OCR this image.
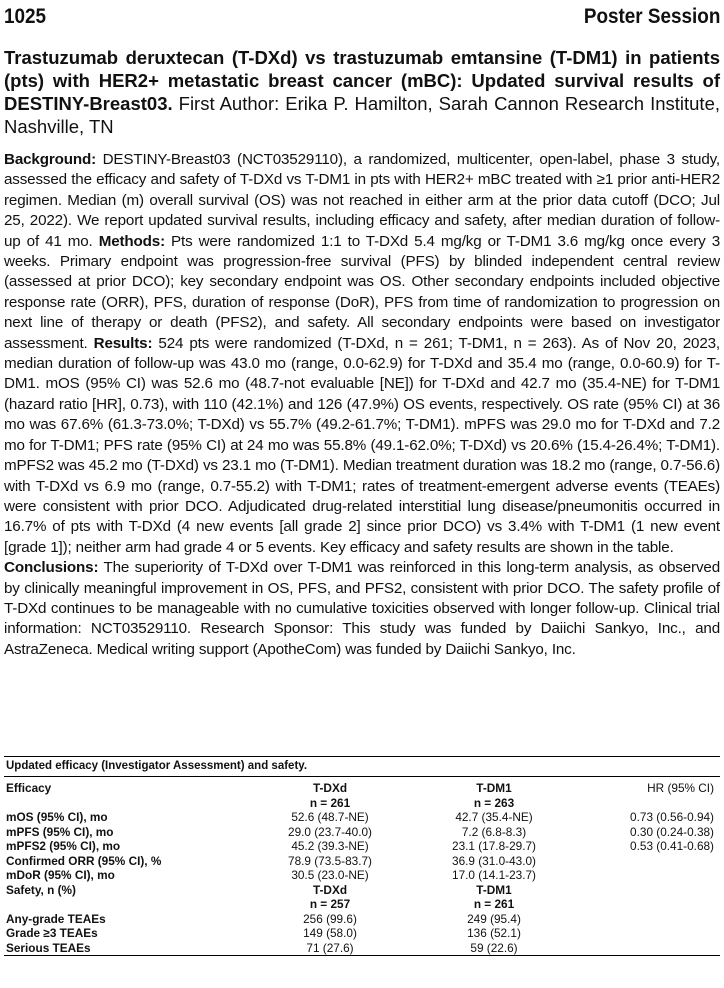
1025	Poster Session
Trastuzumab deruxtecan (T-DXd) vs trastuzumab emtansine (T-DM1) in patients (pts) with HER2+ metastatic breast cancer (mBC): Updated survival results of DESTINY-Breast03. First Author: Erika P. Hamilton, Sarah Cannon Research Institute, Nashville, TN
Background: DESTINY-Breast03 (NCT03529110), a randomized, multicenter, open-label, phase 3 study, assessed the efficacy and safety of T-DXd vs T-DM1 in pts with HER2+ mBC treated with ≥1 prior anti-HER2 regimen. Median (m) overall survival (OS) was not reached in either arm at the prior data cutoff (DCO; Jul 25, 2022). We report updated survival results, including efficacy and safety, after median duration of follow-up of 41 mo. Methods: Pts were randomized 1:1 to T-DXd 5.4 mg/kg or T-DM1 3.6 mg/kg once every 3 weeks. Primary endpoint was progression-free survival (PFS) by blinded independent central review (assessed at prior DCO); key secondary endpoint was OS. Other secondary endpoints included objective response rate (ORR), PFS, duration of response (DoR), PFS from time of randomization to progression on next line of therapy or death (PFS2), and safety. All secondary endpoints were based on investigator assessment. Results: 524 pts were randomized (T-DXd, n = 261; T-DM1, n = 263). As of Nov 20, 2023, median duration of follow-up was 43.0 mo (range, 0.0-62.9) for T-DXd and 35.4 mo (range, 0.0-60.9) for T-DM1. mOS (95% CI) was 52.6 mo (48.7-not evaluable [NE]) for T-DXd and 42.7 mo (35.4-NE) for T-DM1 (hazard ratio [HR], 0.73), with 110 (42.1%) and 126 (47.9%) OS events, respectively. OS rate (95% CI) at 36 mo was 67.6% (61.3-73.0%; T-DXd) vs 55.7% (49.2-61.7%; T-DM1). mPFS was 29.0 mo for T-DXd and 7.2 mo for T-DM1; PFS rate (95% CI) at 24 mo was 55.8% (49.1-62.0%; T-DXd) vs 20.6% (15.4-26.4%; T-DM1). mPFS2 was 45.2 mo (T-DXd) vs 23.1 mo (T-DM1). Median treatment duration was 18.2 mo (range, 0.7-56.6) with T-DXd vs 6.9 mo (range, 0.7-55.2) with T-DM1; rates of treatment-emergent adverse events (TEAEs) were consistent with prior DCO. Adjudicated drug-related interstitial lung disease/pneumonitis occurred in 16.7% of pts with T-DXd (4 new events [all grade 2] since prior DCO) vs 3.4% with T-DM1 (1 new event [grade 1]); neither arm had grade 4 or 5 events. Key efficacy and safety results are shown in the table.
Conclusions: The superiority of T-DXd over T-DM1 was reinforced in this long-term analysis, as observed by clinically meaningful improvement in OS, PFS, and PFS2, consistent with prior DCO. The safety profile of T-DXd continues to be manageable with no cumulative toxicities observed with longer follow-up. Clinical trial information: NCT03529110. Research Sponsor: This study was funded by Daiichi Sankyo, Inc., and AstraZeneca. Medical writing support (ApotheCom) was funded by Daiichi Sankyo, Inc.
Updated efficacy (Investigator Assessment) and safety.
Efficacy	T-DXd	T-DM1	HR (95% CI)
	n = 261	n = 263	
mOS (95% CI), mo	52.6 (48.7-NE)	42.7 (35.4-NE)	0.73 (0.56-0.94)
mPFS (95% CI), mo	29.0 (23.7-40.0)	7.2 (6.8-8.3)	0.30 (0.24-0.38)
mPFS2 (95% CI), mo	45.2 (39.3-NE)	23.1 (17.8-29.7)	0.53 (0.41-0.68)
Confirmed ORR (95% CI), %	78.9 (73.5-83.7)	36.9 (31.0-43.0)	
mDoR (95% CI), mo	30.5 (23.0-NE)	17.0 (14.1-23.7)	
Safety, n (%)	T-DXd	T-DM1	
	n = 257	n = 261	
Any-grade TEAEs	256 (99.6)	249 (95.4)	
Grade ≥3 TEAEs	149 (58.0)	136 (52.1)	
Serious TEAEs	71 (27.6)	59 (22.6)	
